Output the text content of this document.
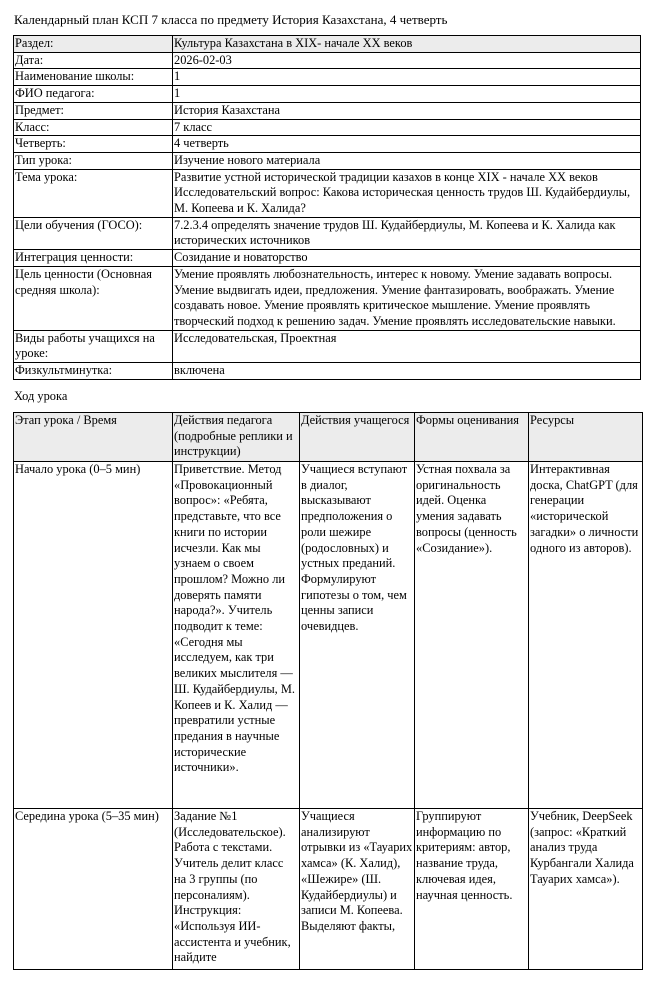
Календарный план КСП 7 класса по предмету История Казахстана, 4 четверть
Раздел:	Культура Казахстана в XIX- начале XX веков
Дата:	2026-02-03
Наименование школы:	1
ФИО педагога:	1
Предмет:	История Казахстана
Класс:	7 класс
Четверть:	4 четверть
Тип урока:	Изучение нового материала
Тема урока:	Развитие устной исторической традиции казахов в конце XIX - начале XX веков Исследовательский вопрос: Какова историческая ценность трудов Ш. Кудайбердиулы, М. Копеева и К. Халида?
Цели обучения (ГОСО):	7.2.3.4 определять значение трудов Ш. Кудайбердиулы, М. Копеева и К. Халида как исторических источников
Интеграция ценности:	Созидание и новаторство
Цель ценности (Основная средняя школа):	Умение проявлять любознательность, интерес к новому. Умение задавать вопросы. Умение выдвигать идеи, предложения. Умение фантазировать, воображать. Умение создавать новое. Умение проявлять критическое мышление. Умение проявлять творческий подход к решению задач. Умение проявлять исследовательские навыки.
Виды работы учащихся на уроке:	Исследовательская, Проектная
Физкультминутка:	включена
Ход урока
Этап урока / Время	Действия педагога (подробные реплики и инструкции)	Действия учащегося	Формы оценивания	Ресурсы
Начало урока (0–5 мин)	Приветствие. Метод «Провокационный вопрос»: «Ребята, представьте, что все книги по истории исчезли. Как мы узнаем о своем прошлом? Можно ли доверять памяти народа?». Учитель подводит к теме: «Сегодня мы исследуем, как три великих мыслителя — Ш. Кудайбердиулы, М. Копеев и К. Халид — превратили устные предания в научные исторические источники».	Учащиеся вступают в диалог, высказывают предположения о роли шежире (родословных) и устных преданий. Формулируют гипотезы о том, чем ценны записи очевидцев.	Устная похвала за оригинальность идей. Оценка умения задавать вопросы (ценность «Созидание»).	Интерактивная доска, ChatGPT (для генерации «исторической загадки» о личности одного из авторов).
Середина урока (5–35 мин)	Задание №1 (Исследовательское). Работа с текстами. Учитель делит класс на 3 группы (по персоналиям). Инструкция: «Используя ИИ-ассистента и учебник, найдите	Учащиеся анализируют отрывки из «Тауарих хамса» (К. Халид), «Шежире» (Ш. Кудайбердиулы) и записи М. Копеева. Выделяют факты,	Группируют информацию по критериям: автор, название труда, ключевая идея, научная ценность.	Учебник, DeepSeek (запрос: «Краткий анализ труда Курбангали Халида Тауарих хамса»).
